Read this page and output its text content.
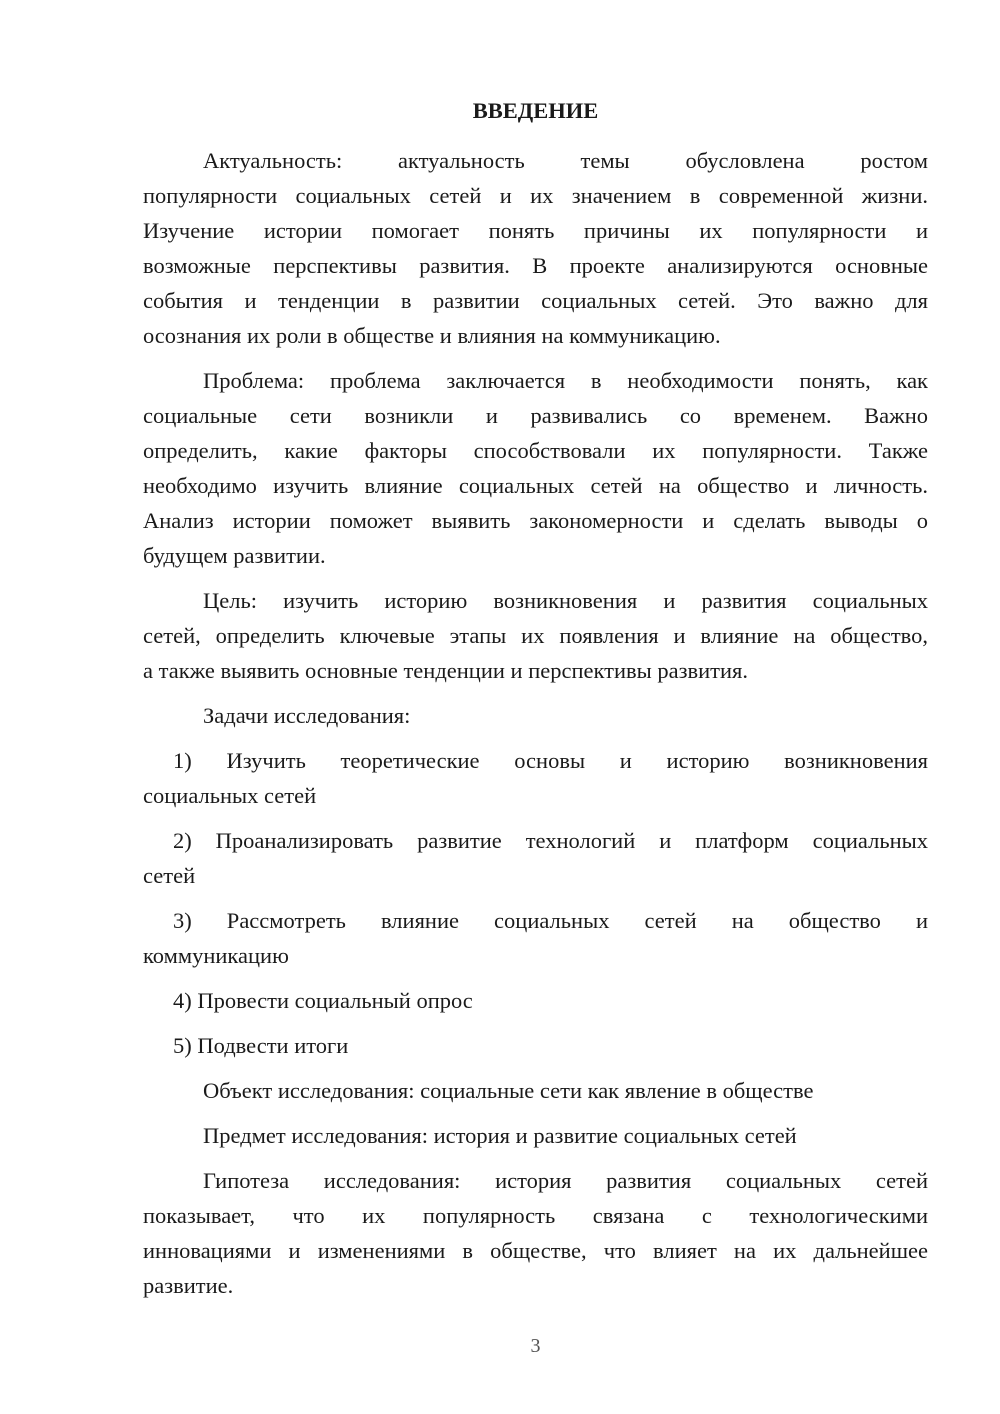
ВВЕДЕНИЕ
Актуальность: актуальность темы обусловлена ростом
популярности социальных сетей и их значением в современной жизни.
Изучение истории помогает понять причины их популярности и
возможные перспективы развития. В проекте анализируются основные
события и тенденции в развитии социальных сетей. Это важно для
осознания их роли в обществе и влияния на коммуникацию.
Проблема: проблема заключается в необходимости понять, как
социальные сети возникли и развивались со временем. Важно
определить, какие факторы способствовали их популярности. Также
необходимо изучить влияние социальных сетей на общество и личность.
Анализ истории поможет выявить закономерности и сделать выводы о
будущем развитии.
Цель: изучить историю возникновения и развития социальных
сетей, определить ключевые этапы их появления и влияние на общество,
а также выявить основные тенденции и перспективы развития.
Задачи исследования:
1) Изучить теоретические основы и историю возникновения
социальных сетей
2) Проанализировать развитие технологий и платформ социальных
сетей
3) Рассмотреть влияние социальных сетей на общество и
коммуникацию
4) Провести социальный опрос
5) Подвести итоги
Объект исследования: социальные сети как явление в обществе
Предмет исследования: история и развитие социальных сетей
Гипотеза исследования: история развития социальных сетей
показывает, что их популярность связана с технологическими
инновациями и изменениями в обществе, что влияет на их дальнейшее
развитие.
3
